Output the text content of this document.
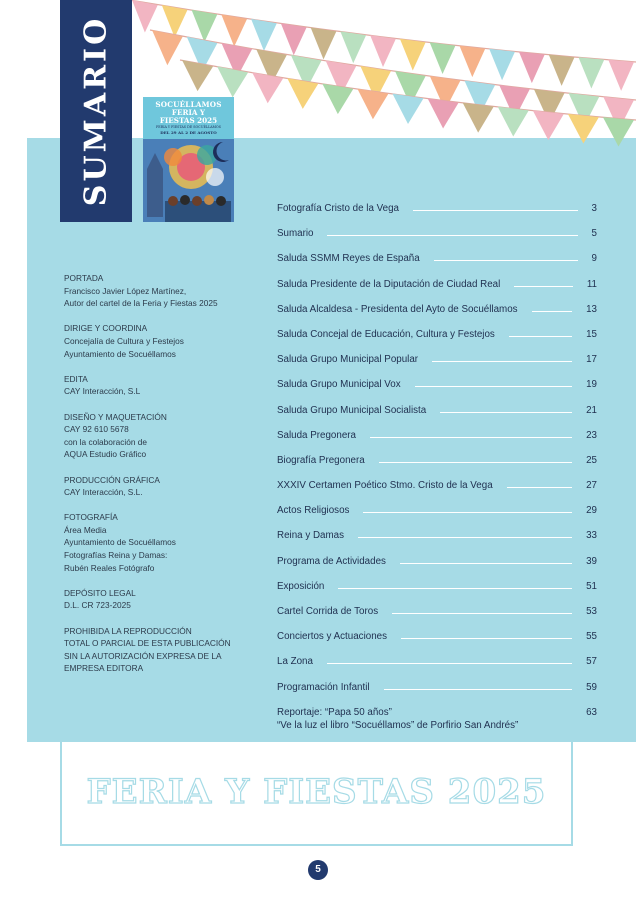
SUMARIO	SOCUÉLLAMOS
FERIA Y
FIESTAS 2025
FERIA Y FIESTAS DE SOCUÉLLAMOS
DEL 29 AL 2 DE AGOSTO
PORTADA
Francisco Javier López Martínez,
Autor del cartel de la Feria y Fiestas 2025
DIRIGE Y COORDINA
Concejalía de Cultura y Festejos
Ayuntamiento de Socuéllamos
EDITA
CAY Interacción, S.L
DISEÑO Y MAQUETACIÓN
CAY 92 610 5678
con la colaboración de
AQUA Estudio Gráfico
PRODUCCIÓN GRÁFICA
CAY Interacción, S.L.
FOTOGRAFÍA
Área Media
Ayuntamiento de Socuéllamos
Fotografías Reina y Damas:
Rubén Reales Fotógrafo
DEPÓSITO LEGAL
D.L. CR 723-2025
PROHIBIDA LA REPRODUCCIÓN
TOTAL O PARCIAL DE ESTA PUBLICACIÓN
SIN LA AUTORIZACIÓN EXPRESA DE LA
EMPRESA EDITORA
Fotografía Cristo de la Vega	3
Sumario	5
Saluda SSMM Reyes de España	9
Saluda Presidente de la Diputación de Ciudad Real	11
Saluda Alcaldesa - Presidenta del Ayto de Socuéllamos	13
Saluda Concejal de Educación, Cultura y Festejos	15
Saluda Grupo Municipal Popular	17
Saluda Grupo Municipal Vox	19
Saluda Grupo Municipal Socialista	21
Saluda Pregonera	23
Biografía Pregonera	25
XXXIV Certamen Poético Stmo. Cristo de la Vega	27
Actos Religiosos	29
Reina y Damas	33
Programa de Actividades	39
Exposición	51
Cartel Corrida de Toros	53
Conciertos y Actuaciones	55
La Zona	57
Programación Infantil	59
Reportaje: “Papa 50 años”	63
“Ve la luz el libro “Socuéllamos” de Porfirio San Andrés”
FERIA Y FIESTAS 2025
5
